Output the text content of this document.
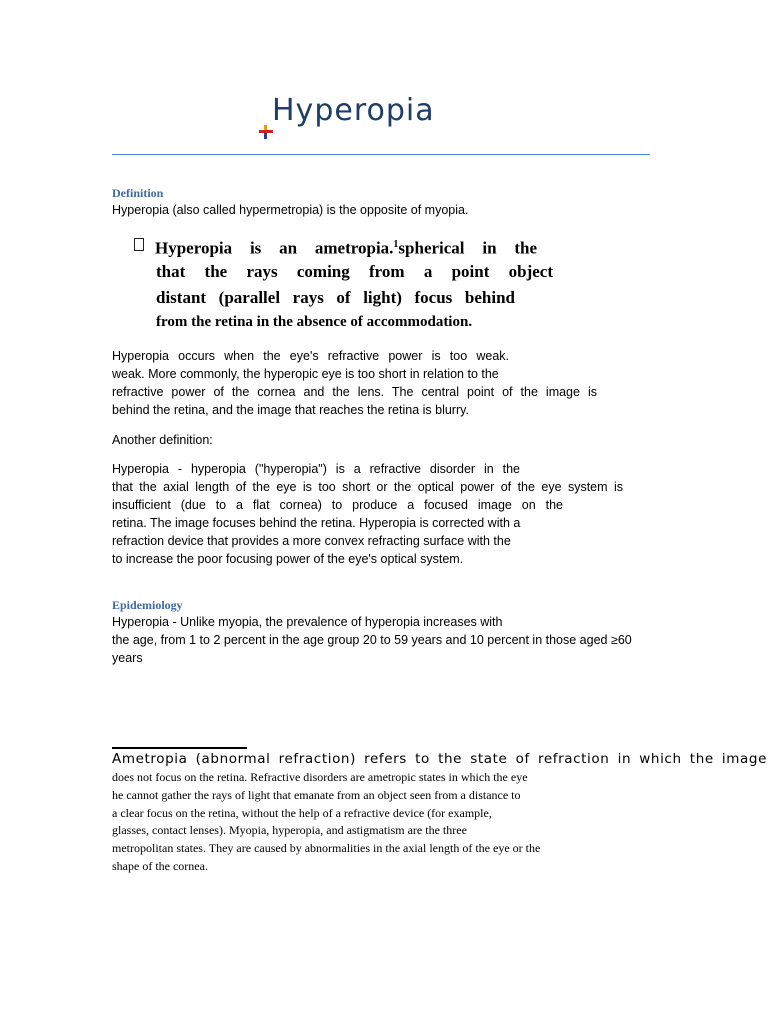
Hyperopia
Definition
Hyperopia (also called hypermetropia) is the opposite of myopia.
Hyperopia is an ametropia.$^1$spherical in the
that the rays coming from a point object
distant (parallel rays of light) focus behind
from the retina in the absence of accommodation.
Hyperopia occurs when the eye's refractive power is too weak.
weak. More commonly, the hyperopic eye is too short in relation to the
refractive power of the cornea and the lens. The central point of the image is
behind the retina, and the image that reaches the retina is blurry.
Another definition:
Hyperopia - hyperopia ("hyperopia") is a refractive disorder in the
that the axial length of the eye is too short or the optical power of the eye system is
insufficient (due to a flat cornea) to produce a focused image on the
retina. The image focuses behind the retina. Hyperopia is corrected with a
refraction device that provides a more convex refracting surface with the
to increase the poor focusing power of the eye's optical system.
Epidemiology
Hyperopia - Unlike myopia, the prevalence of hyperopia increases with
the age, from 1 to 2 percent in the age group 20 to 59 years and 10 percent in those aged ≥60
years
Ametropia (abnormal refraction) refers to the state of refraction in which the image
does not focus on the retina. Refractive disorders are ametropic states in which the eye
he cannot gather the rays of light that emanate from an object seen from a distance to
a clear focus on the retina, without the help of a refractive device (for example,
glasses, contact lenses). Myopia, hyperopia, and astigmatism are the three
metropolitan states. They are caused by abnormalities in the axial length of the eye or the
shape of the cornea.
